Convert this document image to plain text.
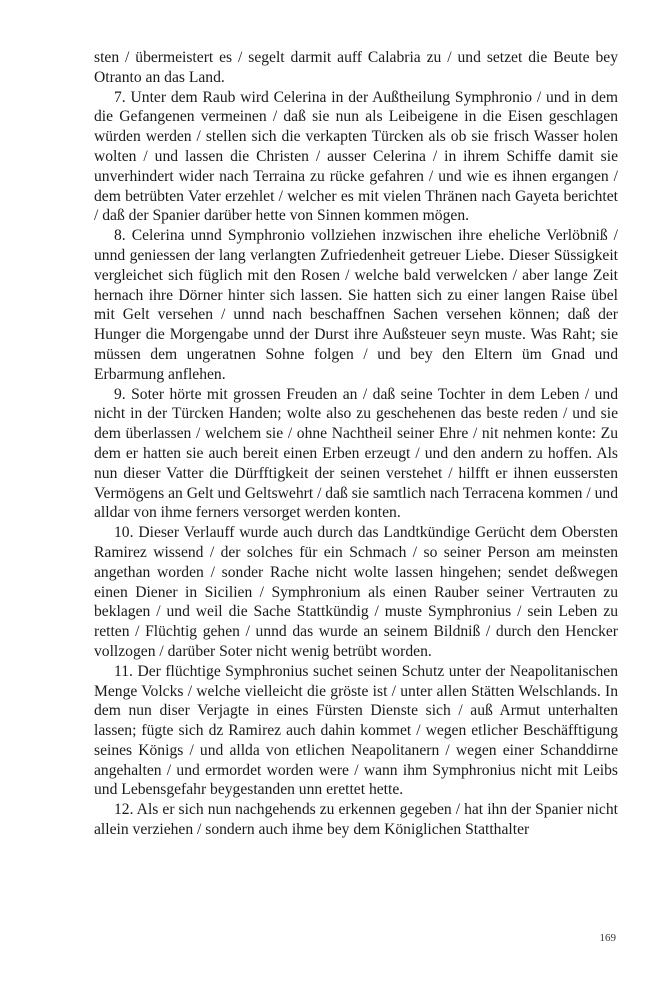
sten / übermeistert es / segelt darmit auff Calabria zu / und setzet die Beute bey Otranto an das Land.

7. Unter dem Raub wird Celerina in der Außtheilung Symphronio / und in dem die Gefangenen vermeinen / daß sie nun als Leibeigene in die Eisen geschlagen würden werden / stellen sich die verkapten Türcken als ob sie frisch Wasser holen wolten / und lassen die Christen / ausser Celerina / in ihrem Schiffe damit sie unverhindert wider nach Terraina zu rücke gefahren / und wie es ihnen ergangen / dem betrübten Vater erzehlet / welcher es mit vielen Thränen nach Gayeta berichtet / daß der Spanier darüber hette von Sinnen kommen mögen.

8. Celerina unnd Symphronio vollziehen inzwischen ihre eheliche Verlöbniß / unnd geniessen der lang verlangten Zufriedenheit getreuer Liebe. Dieser Süssigkeit vergleichet sich füglich mit den Rosen / welche bald verwelcken / aber lange Zeit hernach ihre Dörner hinter sich lassen. Sie hatten sich zu einer langen Raise übel mit Gelt versehen / unnd nach beschaffnen Sachen versehen können; daß der Hunger die Morgengabe unnd der Durst ihre Außsteuer seyn muste. Was Raht; sie müssen dem ungeratnen Sohne folgen / und bey den Eltern üm Gnad und Erbarmung anflehen.

9. Soter hörte mit grossen Freuden an / daß seine Tochter in dem Leben / und nicht in der Türcken Handen; wolte also zu geschehenen das beste reden / und sie dem überlassen / welchem sie / ohne Nachtheil seiner Ehre / nit nehmen konte: Zu dem er hatten sie auch bereit einen Erben erzeugt / und den andern zu hoffen. Als nun dieser Vatter die Dürfftigkeit der seinen verstehet / hilfft er ihnen eussersten Vermögens an Gelt und Geltswehrt / daß sie samtlich nach Terracena kommen / und alldar von ihme ferners versorget werden konten.

10. Dieser Verlauff wurde auch durch das Landtkündige Gerücht dem Obersten Ramirez wissend / der solches für ein Schmach / so seiner Person am meinsten angethan worden / sonder Rache nicht wolte lassen hingehen; sendet deßwegen einen Diener in Sicilien / Symphronium als einen Rauber seiner Vertrauten zu beklagen / und weil die Sache Stattkündig / muste Symphronius / sein Leben zu retten / Flüchtig gehen / unnd das wurde an seinem Bildniß / durch den Hencker vollzogen / darüber Soter nicht wenig betrübt worden.

11. Der flüchtige Symphronius suchet seinen Schutz unter der Neapolitanischen Menge Volcks / welche vielleicht die gröste ist / unter allen Stätten Welschlands. In dem nun diser Verjagte in eines Fürsten Dienste sich / auß Armut unterhalten lassen; fügte sich dz Ramirez auch dahin kommet / wegen etlicher Beschäfftigung seines Königs / und allda von etlichen Neapolitanern / wegen einer Schanddirne angehalten / und ermordet worden were / wann ihm Symphronius nicht mit Leibs und Lebensgefahr beygestanden unn erettet hette.

12. Als er sich nun nachgehends zu erkennen gegeben / hat ihn der Spanier nicht allein verziehen / sondern auch ihme bey dem Königlichen Statthalter

169
